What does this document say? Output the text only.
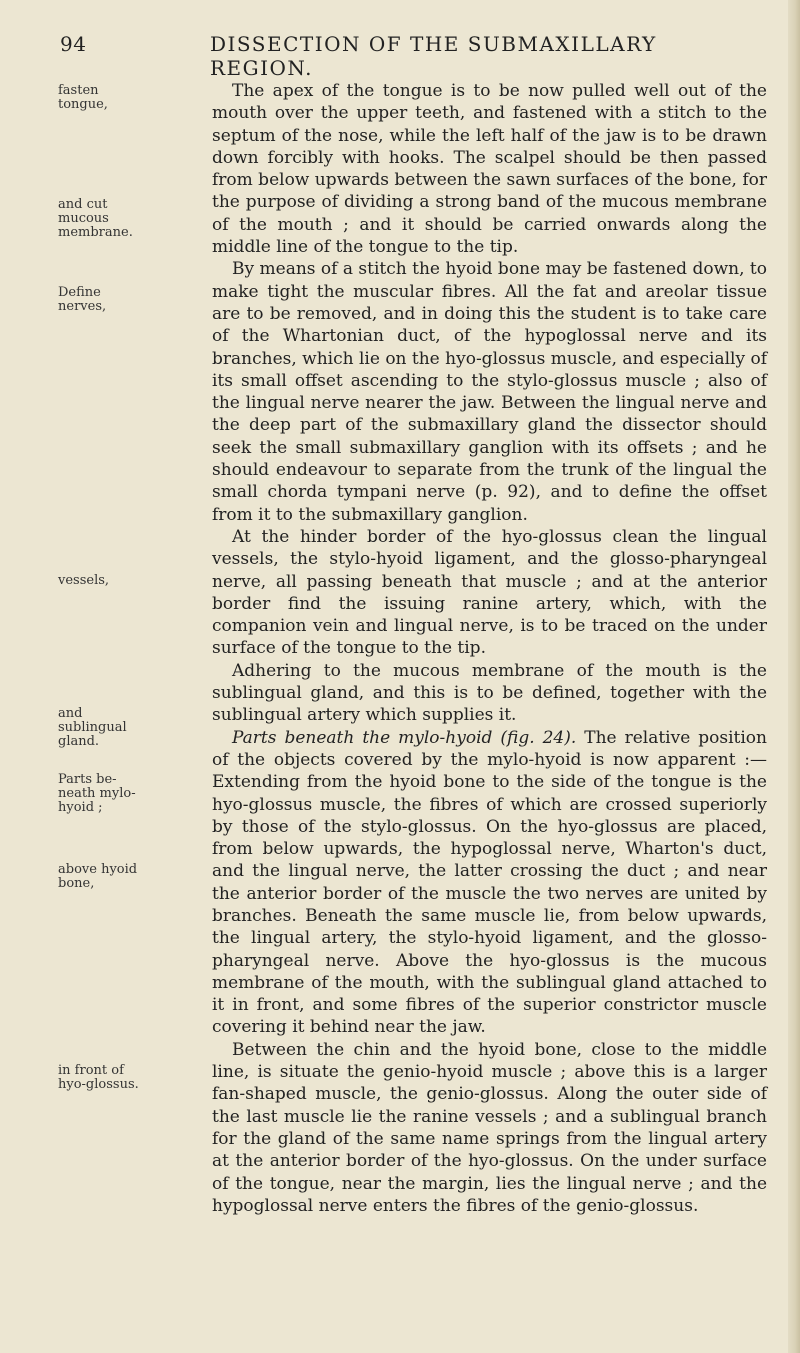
94	DISSECTION OF THE SUBMAXILLARY REGION.
fasten tongue,
and cut mucous membrane.
Define nerves,
vessels,
and sublingual gland.
Parts be- neath mylo- hyoid ;
above hyoid bone,
in front of hyo-glossus.

The apex of the tongue is to be now pulled well out of the mouth over the upper teeth, and fastened with a stitch to the septum of the nose, while the left half of the jaw is to be drawn down forcibly with hooks. The scalpel should be then passed from below upwards between the sawn surfaces of the bone, for the purpose of dividing a strong band of the mucous membrane of the mouth ; and it should be carried onwards along the middle line of the tongue to the tip.

By means of a stitch the hyoid bone may be fastened down, to make tight the muscular fibres. All the fat and areolar tissue are to be removed, and in doing this the student is to take care of the Whartonian duct, of the hypoglossal nerve and its branches, which lie on the hyo-glossus muscle, and especially of its small offset ascending to the stylo-glossus muscle ; also of the lingual nerve nearer the jaw. Between the lingual nerve and the deep part of the submaxillary gland the dissector should seek the small submaxillary ganglion with its offsets ; and he should endeavour to separate from the trunk of the lingual the small chorda tympani nerve (p. 92), and to define the offset from it to the submaxillary ganglion.

At the hinder border of the hyo-glossus clean the lingual vessels, the stylo-hyoid ligament, and the glosso-pharyngeal nerve, all passing beneath that muscle ; and at the anterior border find the issuing ranine artery, which, with the companion vein and lingual nerve, is to be traced on the under surface of the tongue to the tip.

Adhering to the mucous membrane of the mouth is the sublingual gland, and this is to be defined, together with the sublingual artery which supplies it.

Parts beneath the mylo-hyoid (fig. 24). The relative position of the objects covered by the mylo-hyoid is now apparent :—Extending from the hyoid bone to the side of the tongue is the hyo-glossus muscle, the fibres of which are crossed superiorly by those of the stylo-glossus. On the hyo-glossus are placed, from below upwards, the hypoglossal nerve, Wharton's duct, and the lingual nerve, the latter crossing the duct ; and near the anterior border of the muscle the two nerves are united by branches. Beneath the same muscle lie, from below upwards, the lingual artery, the stylo-hyoid ligament, and the glosso-pharyngeal nerve. Above the hyo-glossus is the mucous membrane of the mouth, with the sublingual gland attached to it in front, and some fibres of the superior constrictor muscle covering it behind near the jaw.

Between the chin and the hyoid bone, close to the middle line, is situate the genio-hyoid muscle ; above this is a larger fan-shaped muscle, the genio-glossus. Along the outer side of the last muscle lie the ranine vessels ; and a sublingual branch for the gland of the same name springs from the lingual artery at the anterior border of the hyo-glossus. On the under surface of the tongue, near the margin, lies the lingual nerve ; and the hypoglossal nerve enters the fibres of the genio-glossus.
